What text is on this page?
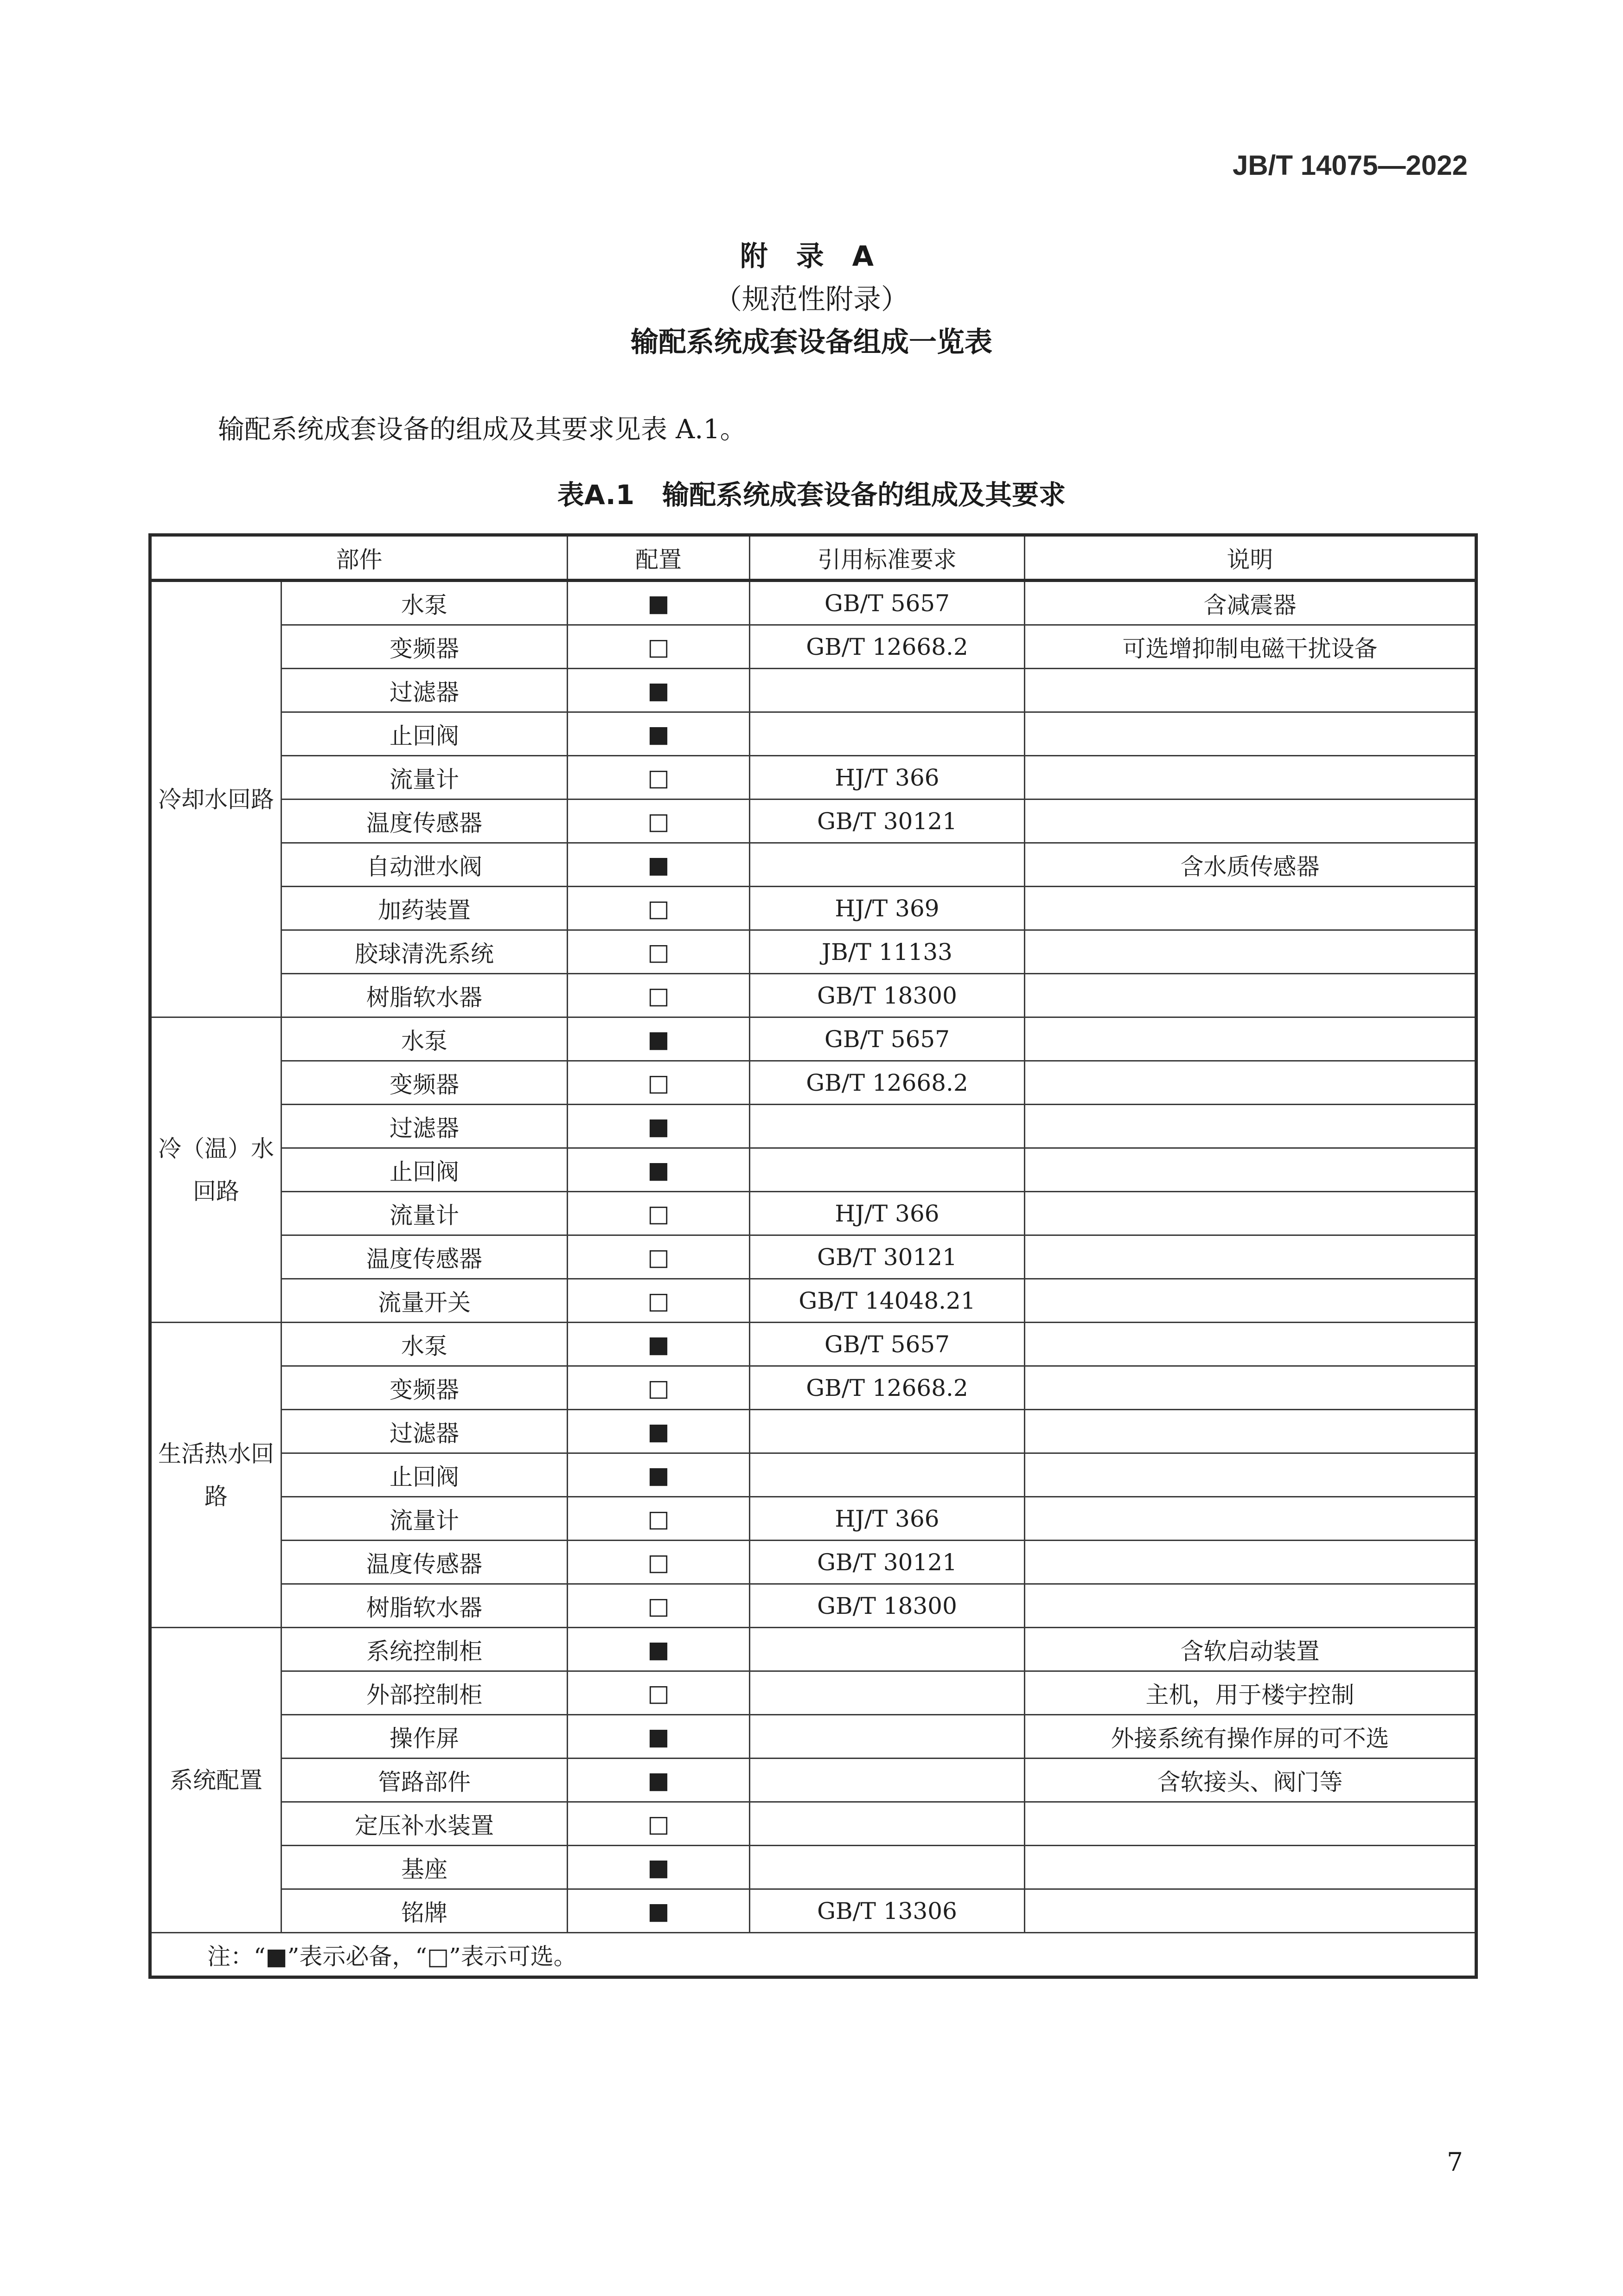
JB/T 14075—2022
附 录 A
（规范性附录）
输配系统成套设备组成一览表
输配系统成套设备的组成及其要求见表 A.1。
表A.1 输配系统成套设备的组成及其要求
部件		配置	引用标准要求	说明
冷却水回路	水泵	■	GB/T 5657	含减震器
	变频器	□	GB/T 12668.2	可选增抑制电磁干扰设备
	过滤器	■		
	止回阀	■		
	流量计	□	HJ/T 366	
	温度传感器	□	GB/T 30121	
	自动泄水阀	■		含水质传感器
	加药装置	□	HJ/T 369	
	胶球清洗系统	□	JB/T 11133	
	树脂软水器	□	GB/T 18300	
冷（温）水回路	水泵	■	GB/T 5657	
	变频器	□	GB/T 12668.2	
	过滤器	■		
	止回阀	■		
	流量计	□	HJ/T 366	
	温度传感器	□	GB/T 30121	
	流量开关	□	GB/T 14048.21	
生活热水回路	水泵	■	GB/T 5657	
	变频器	□	GB/T 12668.2	
	过滤器	■		
	止回阀	■		
	流量计	□	HJ/T 366	
	温度传感器	□	GB/T 30121	
	树脂软水器	□	GB/T 18300	
系统配置	系统控制柜	■		含软启动装置
	外部控制柜	□		主机，用于楼宇控制
	操作屏	■		外接系统有操作屏的可不选
	管路部件	■		含软接头、阀门等
	定压补水装置	□		
	基座	■		
	铭牌	■	GB/T 13306	
注：“■”表示必备，“□”表示可选。				
7
